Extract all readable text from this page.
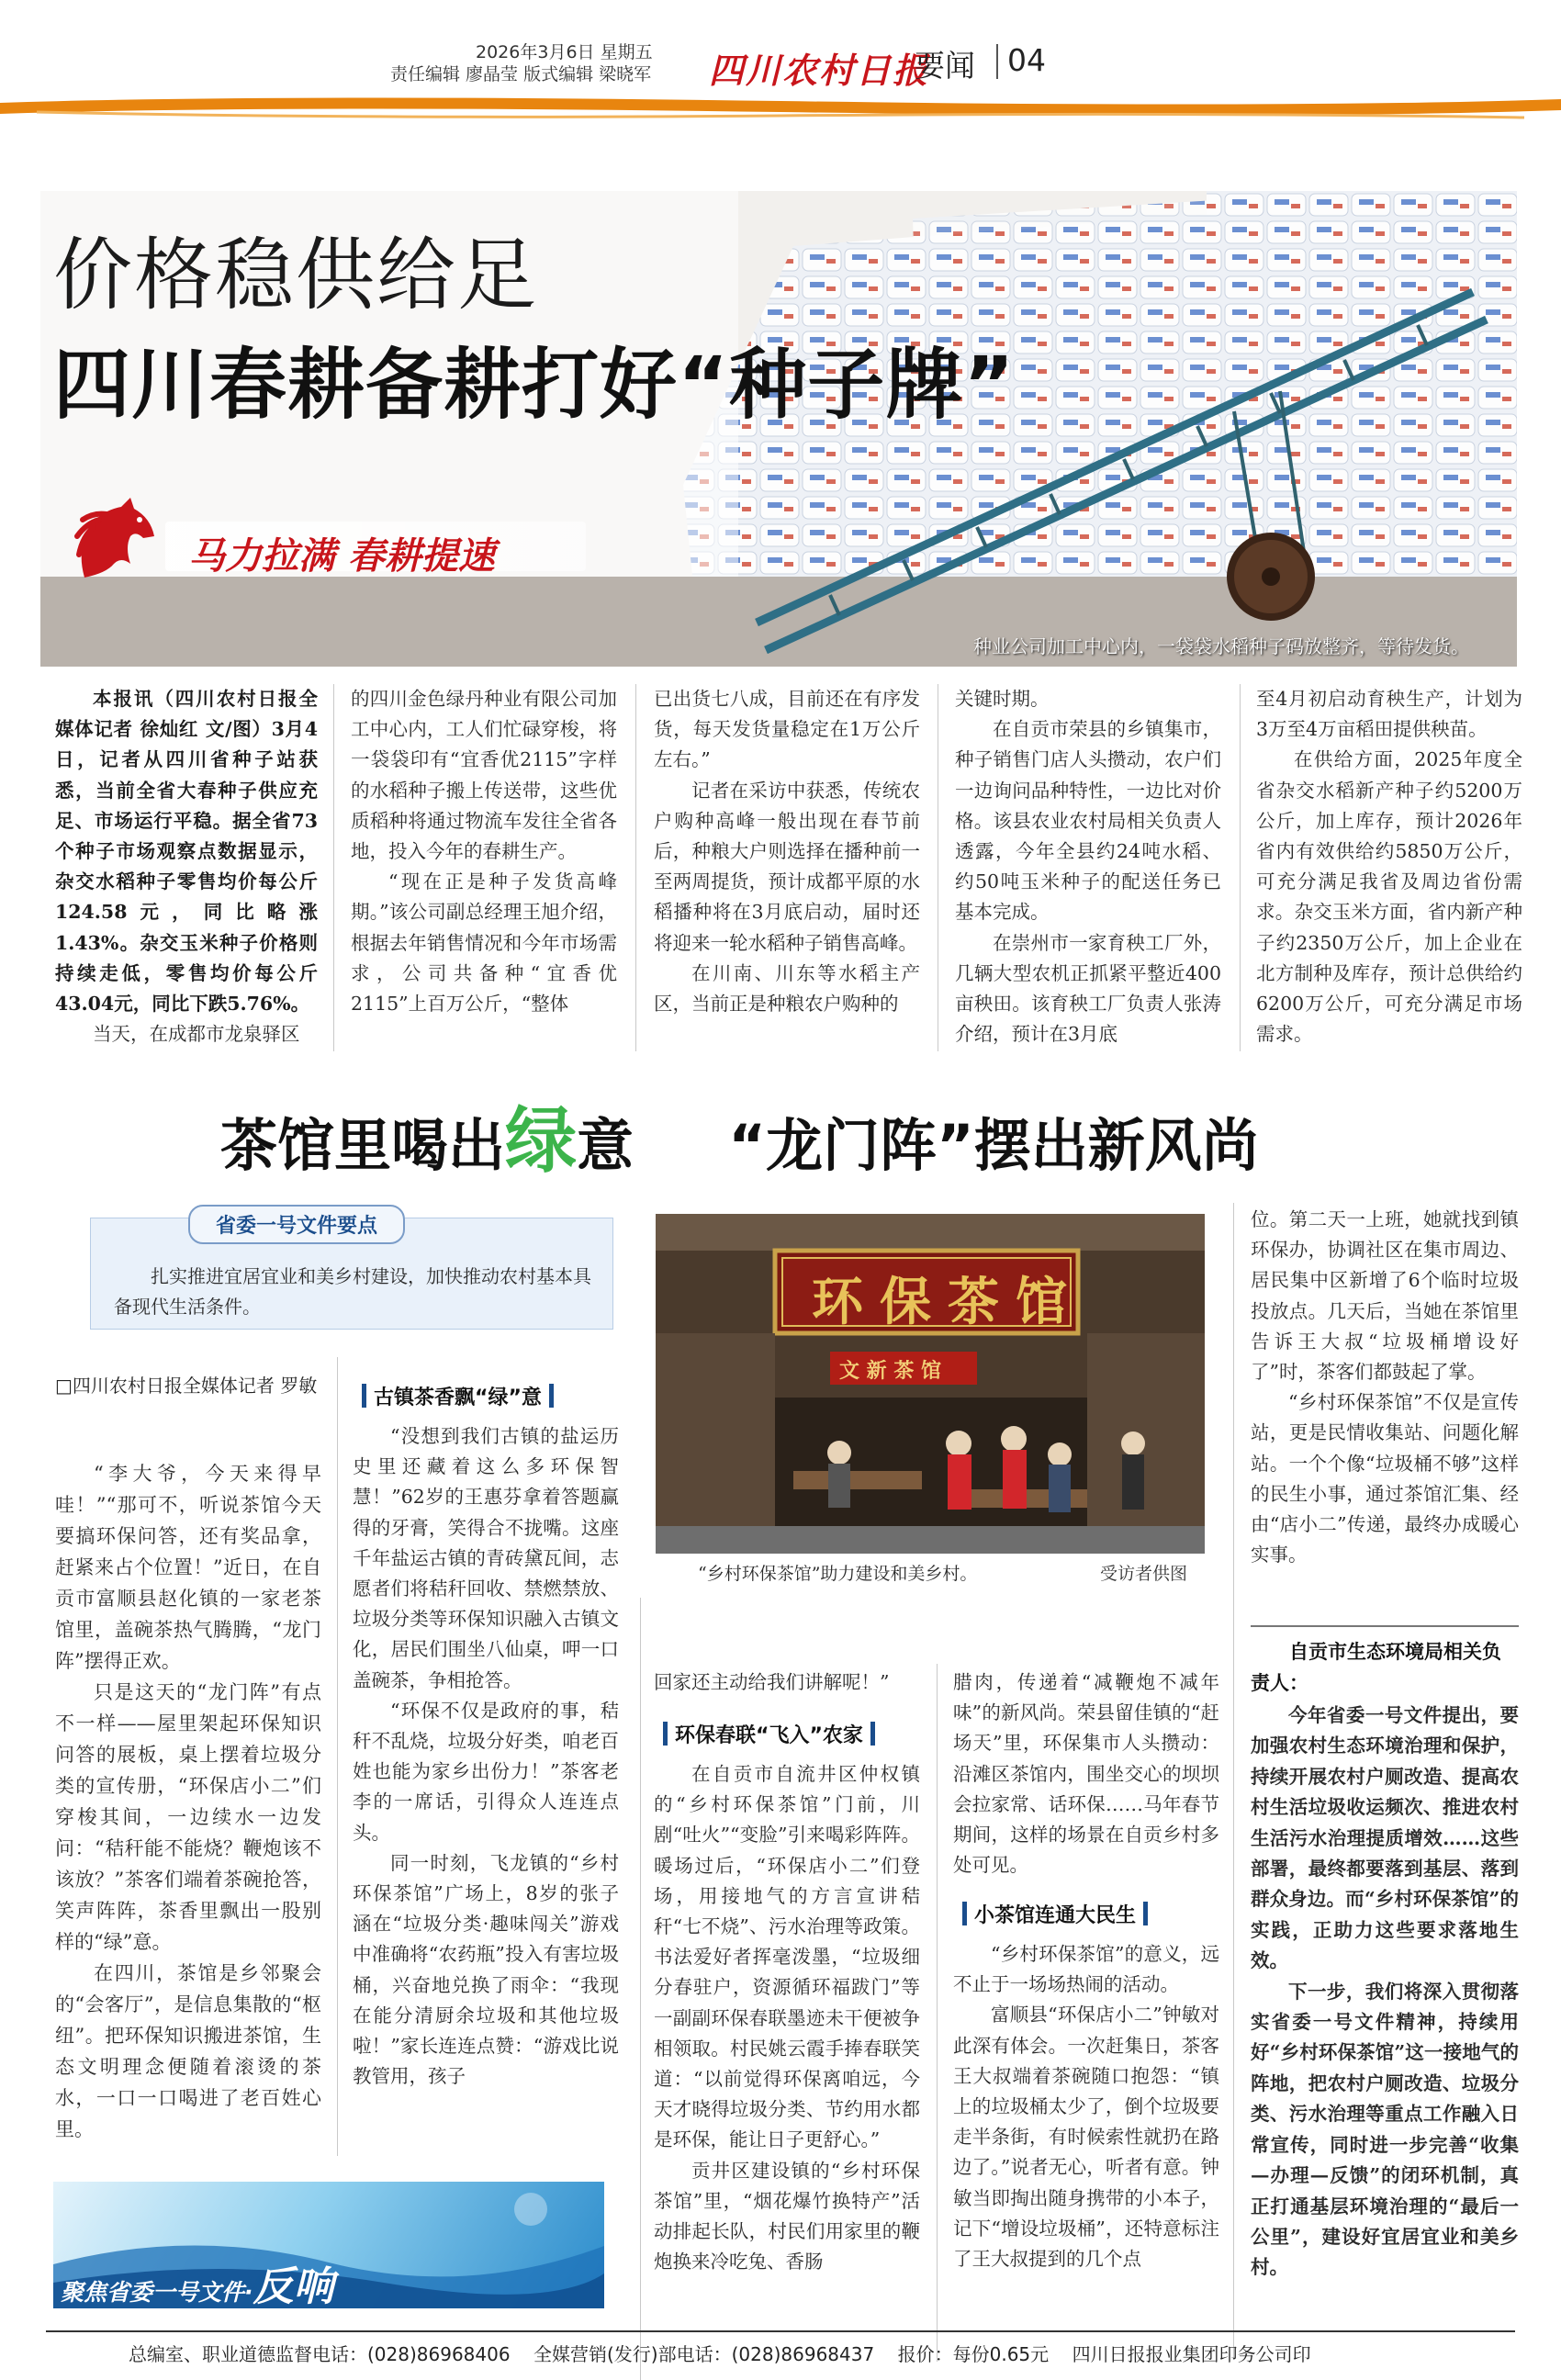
2026年3月6日 星期五
责任编辑 廖晶莹 版式编辑 梁晓军 四川农村日报
要闻 04
价格稳供给足
四川春耕备耕打好“种子牌”
马力拉满 春耕提速
种业公司加工中心内，一袋袋水稻种子码放整齐，等待发货。

本报讯（四川农村日报全媒体记者 徐灿红 文/图）3月4日，记者从四川省种子站获悉，当前全省大春种子供应充足、市场运行平稳。据全省73个种子市场观察点数据显示，杂交水稻种子零售均价每公斤124.58元，同比略涨1.43%。杂交玉米种子价格则持续走低，零售均价每公斤43.04元，同比下跌5.76%。

当天，在成都市龙泉驿区

的四川金色绿丹种业有限公司加工中心内，工人们忙碌穿梭，将一袋袋印有“宜香优2115”字样的水稻种子搬上传送带，这些优质稻种将通过物流车发往全省各地，投入今年的春耕生产。

“现在正是种子发货高峰期。”该公司副总经理王旭介绍，根据去年销售情况和今年市场需求，公司共备种“宜香优2115”上百万公斤，“整体

已出货七八成，目前还在有序发货，每天发货量稳定在1万公斤左右。”

记者在采访中获悉，传统农户购种高峰一般出现在春节前后，种粮大户则选择在播种前一至两周提货，预计成都平原的水稻播种将在3月底启动，届时还将迎来一轮水稻种子销售高峰。

在川南、川东等水稻主产区，当前正是种粮农户购种的

关键时期。

在自贡市荣县的乡镇集市，种子销售门店人头攒动，农户们一边询问品种特性，一边比对价格。该县农业农村局相关负责人透露，今年全县约24吨水稻、约50吨玉米种子的配送任务已基本完成。

在崇州市一家育秧工厂外，几辆大型农机正抓紧平整近400亩秧田。该育秧工厂负责人张涛介绍，预计在3月底

至4月初启动育秧生产，计划为3万至4万亩稻田提供秧苗。

在供给方面，2025年度全省杂交水稻新产种子约5200万公斤，加上库存，预计2026年省内有效供给约5850万公斤，可充分满足我省及周边省份需求。杂交玉米方面，省内新产种子约2350万公斤，加上企业在北方制种及库存，预计总供给约6200万公斤，可充分满足市场需求。

茶馆里喝出绿意 “龙门阵”摆出新风尚
省委一号文件要点
扎实推进宜居宜业和美乡村建设，加快推动农村基本具备现代生活条件。
□四川农村日报全媒体记者 罗敏

“李大爷，今天来得早哇！”“那可不，听说茶馆今天要搞环保问答，还有奖品拿，赶紧来占个位置！”近日，在自贡市富顺县赵化镇的一家老茶馆里，盖碗茶热气腾腾，“龙门阵”摆得正欢。

只是这天的“龙门阵”有点不一样——屋里架起环保知识问答的展板，桌上摆着垃圾分类的宣传册，“环保店小二”们穿梭其间，一边续水一边发问：“秸秆能不能烧？鞭炮该不该放？”茶客们端着茶碗抢答，笑声阵阵，茶香里飘出一股别样的“绿”意。

在四川，茶馆是乡邻聚会的“会客厅”，是信息集散的“枢纽”。把环保知识搬进茶馆，生态文明理念便随着滚烫的茶水，一口一口喝进了老百姓心里。

古镇茶香飘“绿”意

“没想到我们古镇的盐运历史里还藏着这么多环保智慧！”62岁的王惠芬拿着答题赢得的牙膏，笑得合不拢嘴。这座千年盐运古镇的青砖黛瓦间，志愿者们将秸秆回收、禁燃禁放、垃圾分类等环保知识融入古镇文化，居民们围坐八仙桌，呷一口盖碗茶，争相抢答。

“环保不仅是政府的事，秸秆不乱烧，垃圾分好类，咱老百姓也能为家乡出份力！”茶客老李的一席话，引得众人连连点头。

同一时刻，飞龙镇的“乡村环保茶馆”广场上，8岁的张子涵在“垃圾分类·趣味闯关”游戏中准确将“农药瓶”投入有害垃圾桶，兴奋地兑换了雨伞：“我现在能分清厨余垃圾和其他垃圾啦！”家长连连点赞：“游戏比说教管用，孩子

环保茶馆
文 新 茶 馆
“乡村环保茶馆”助力建设和美乡村。	受访者供图

回家还主动给我们讲解呢！”

环保春联“飞入”农家

在自贡市自流井区仲权镇的“乡村环保茶馆”门前，川剧“吐火”“变脸”引来喝彩阵阵。暖场过后，“环保店小二”们登场，用接地气的方言宣讲秸秆“七不烧”、污水治理等政策。书法爱好者挥毫泼墨，“垃圾细分春驻户，资源循环福跋门”等一副副环保春联墨迹未干便被争相领取。村民姚云霞手捧春联笑道：“以前觉得环保离咱远，今天才晓得垃圾分类、节约用水都是环保，能让日子更舒心。”

贡井区建设镇的“乡村环保茶馆”里，“烟花爆竹换特产”活动排起长队，村民们用家里的鞭炮换来冷吃兔、香肠

腊肉，传递着“减鞭炮不减年味”的新风尚。荣县留佳镇的“赶场天”里，环保集市人头攒动：沿滩区茶馆内，围坐交心的坝坝会拉家常、话环保……马年春节期间，这样的场景在自贡乡村多处可见。

小茶馆连通大民生

“乡村环保茶馆”的意义，远不止于一场场热闹的活动。

富顺县“环保店小二”钟敏对此深有体会。一次赶集日，茶客王大叔端着茶碗随口抱怨：“镇上的垃圾桶太少了，倒个垃圾要走半条街，有时候索性就扔在路边了。”说者无心，听者有意。钟敏当即掏出随身携带的小本子，记下“增设垃圾桶”，还特意标注了王大叔提到的几个点

位。第二天一上班，她就找到镇环保办，协调社区在集市周边、居民集中区新增了6个临时垃圾投放点。几天后，当她在茶馆里告诉王大叔“垃圾桶增设好了”时，茶客们都鼓起了掌。

“乡村环保茶馆”不仅是宣传站，更是民情收集站、问题化解站。一个个像“垃圾桶不够”这样的民生小事，通过茶馆汇集、经由“店小二”传递，最终办成暖心实事。

自贡市生态环境局相关负责人：

今年省委一号文件提出，要加强农村生态环境治理和保护，持续开展农村户厕改造、提高农村生活垃圾收运频次、推进农村生活污水治理提质增效……这些部署，最终都要落到基层、落到群众身边。而“乡村环保茶馆”的实践，正助力这些要求落地生效。

下一步，我们将深入贯彻落实省委一号文件精神，持续用好“乡村环保茶馆”这一接地气的阵地，把农村户厕改造、垃圾分类、污水治理等重点工作融入日常宣传，同时进一步完善“收集—办理—反馈”的闭环机制，真正打通基层环境治理的“最后一公里”，建设好宜居宜业和美乡村。

聚焦省委一号文件·反响
总编室、职业道德监督电话：(028)86968406    全媒营销(发行)部电话：(028)86968437    报价：每份0.65元    四川日报报业集团印务公司印
